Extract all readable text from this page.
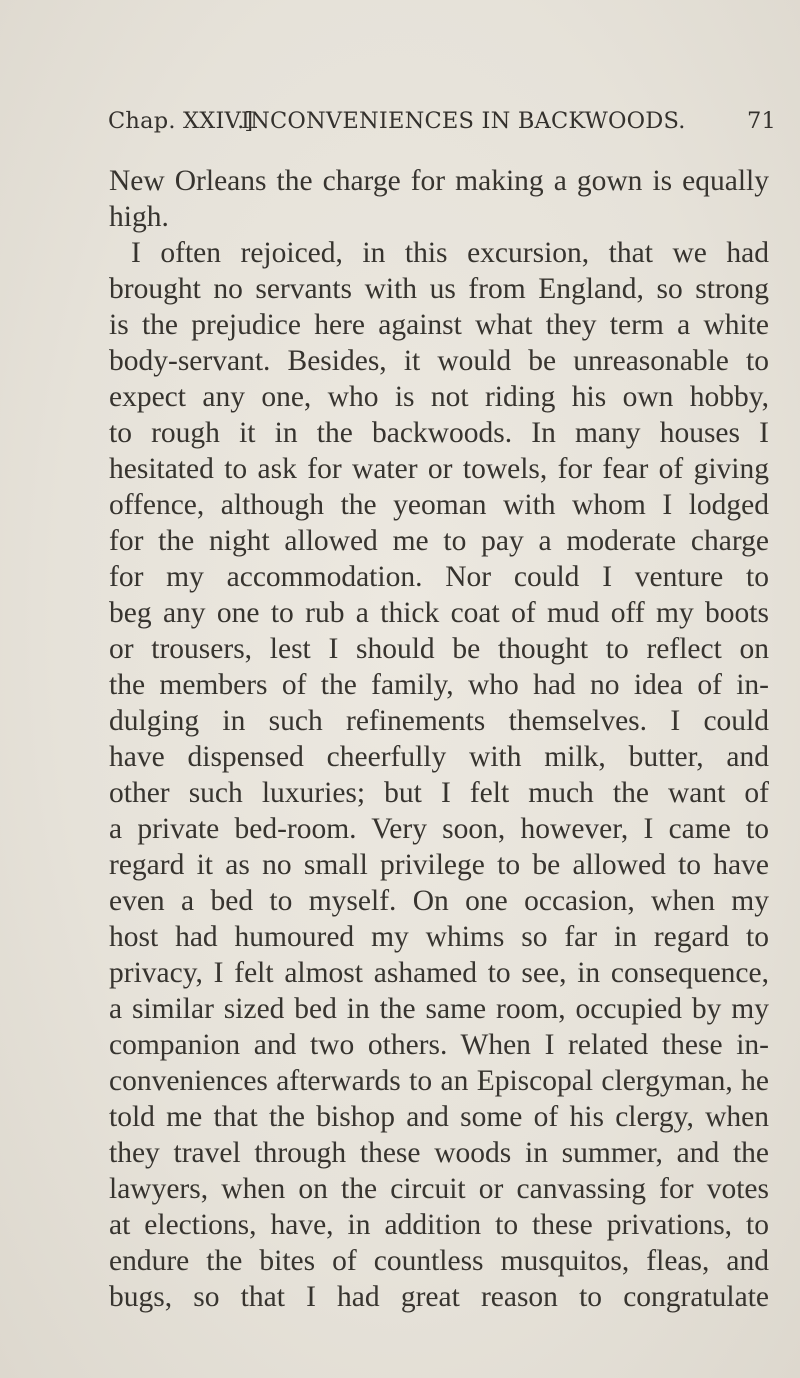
Chap. XXIV.]
INCONVENIENCES IN BACKWOODS.	71
New Orleans the charge for making a gown is equally
high.
I often rejoiced, in this excursion, that we had
brought no servants with us from England, so strong
is the prejudice here against what they term a white
body-servant. Besides, it would be unreasonable to
expect any one, who is not riding his own hobby,
to rough it in the backwoods. In many houses I
hesitated to ask for water or towels, for fear of giving
offence, although the yeoman with whom I lodged
for the night allowed me to pay a moderate charge
for my accommodation. Nor could I venture to
beg any one to rub a thick coat of mud off my boots
or trousers, lest I should be thought to reflect on
the members of the family, who had no idea of in-
dulging in such refinements themselves. I could
have dispensed cheerfully with milk, butter, and
other such luxuries; but I felt much the want of
a private bed-room. Very soon, however, I came to
regard it as no small privilege to be allowed to have
even a bed to myself. On one occasion, when my
host had humoured my whims so far in regard to
privacy, I felt almost ashamed to see, in consequence,
a similar sized bed in the same room, occupied by my
companion and two others. When I related these in-
conveniences afterwards to an Episcopal clergyman, he
told me that the bishop and some of his clergy, when
they travel through these woods in summer, and the
lawyers, when on the circuit or canvassing for votes
at elections, have, in addition to these privations, to
endure the bites of countless musquitos, fleas, and
bugs, so that I had great reason to congratulate
